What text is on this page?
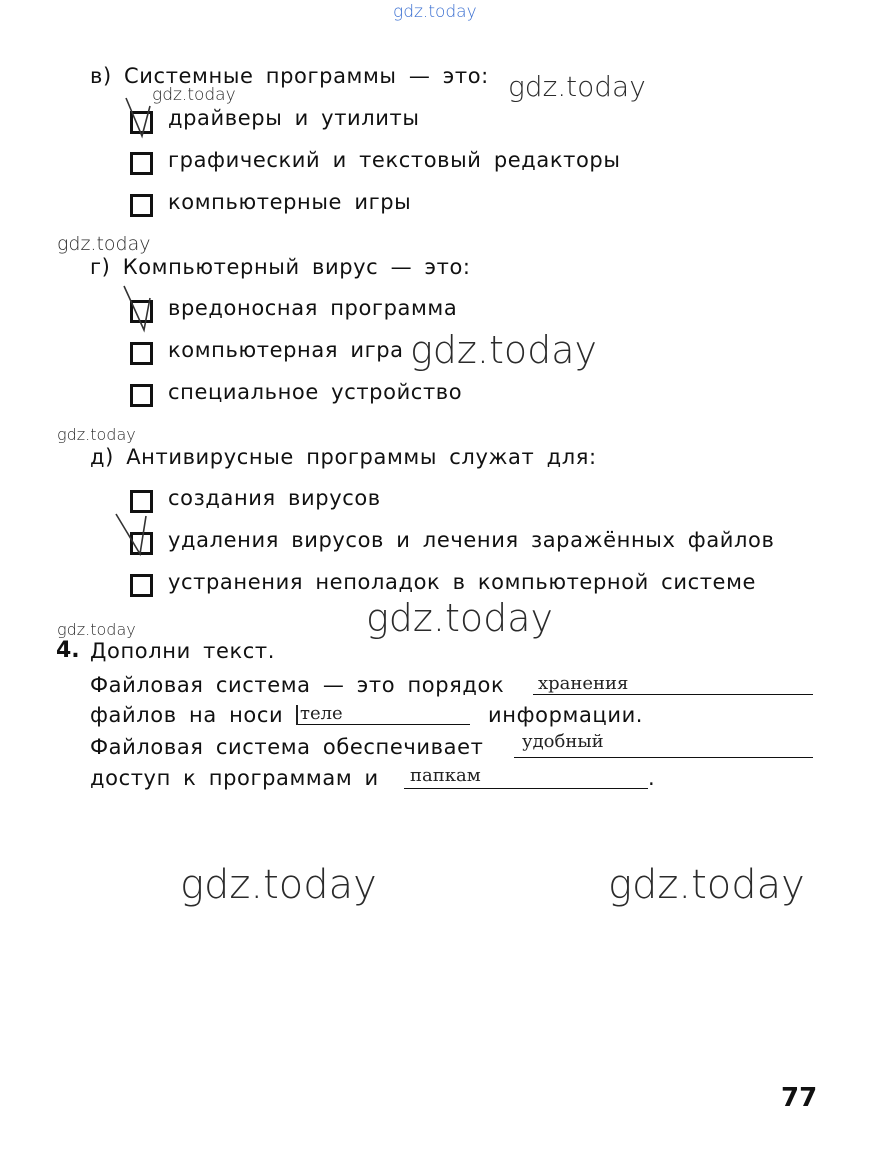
gdz.today
gdz.today
gdz.today
gdz.today
gdz.today
gdz.today
gdz.today
gdz.today
gdz.today	gdz.today
в) Системные программы — это:
драйверы и утилиты
графический и текстовый редакторы
компьютерные игры
г) Компьютерный вирус — это:
вредоносная программа
компьютерная игра
специальное устройство
д) Антивирусные программы служат для:
создания вирусов
удаления вирусов и лечения заражённых файлов
устранения неполадок в компьютерной системе
4. Дополни текст.
Файловая система — это порядок хранения
файлов на носи теле	информации.
Файловая система обеспечивает удобный
доступ к программам и папкам	.
77
